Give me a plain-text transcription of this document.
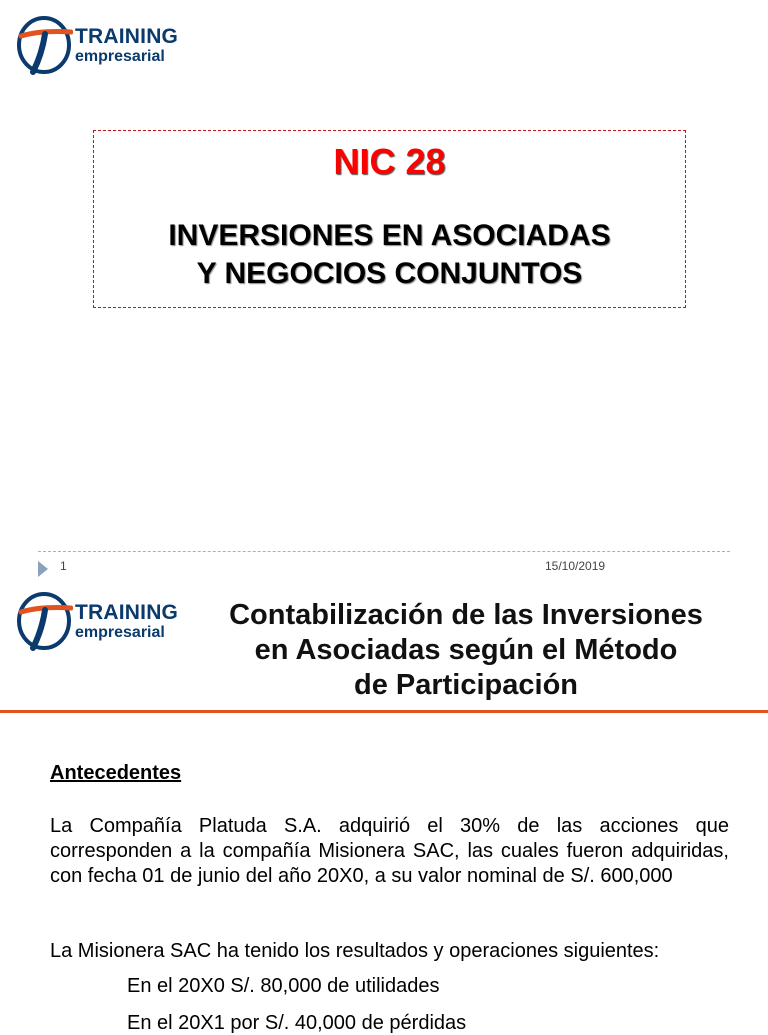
TRAINING
empresarial
NIC 28
INVERSIONES EN ASOCIADAS
Y NEGOCIOS CONJUNTOS
1	15/10/2019
TRAINING
empresarial
Contabilización de las Inversiones
en Asociadas según el Método
de Participación
Antecedentes
La Compañía Platuda S.A. adquirió el 30% de las acciones que corresponden a la compañía Misionera SAC, las cuales fueron adquiridas, con fecha 01 de junio del año 20X0, a su valor nominal de S/. 600,000
La Misionera SAC ha tenido los resultados y operaciones siguientes:
En el 20X0 S/. 80,000 de utilidades
En el 20X1 por S/. 40,000 de pérdidas
